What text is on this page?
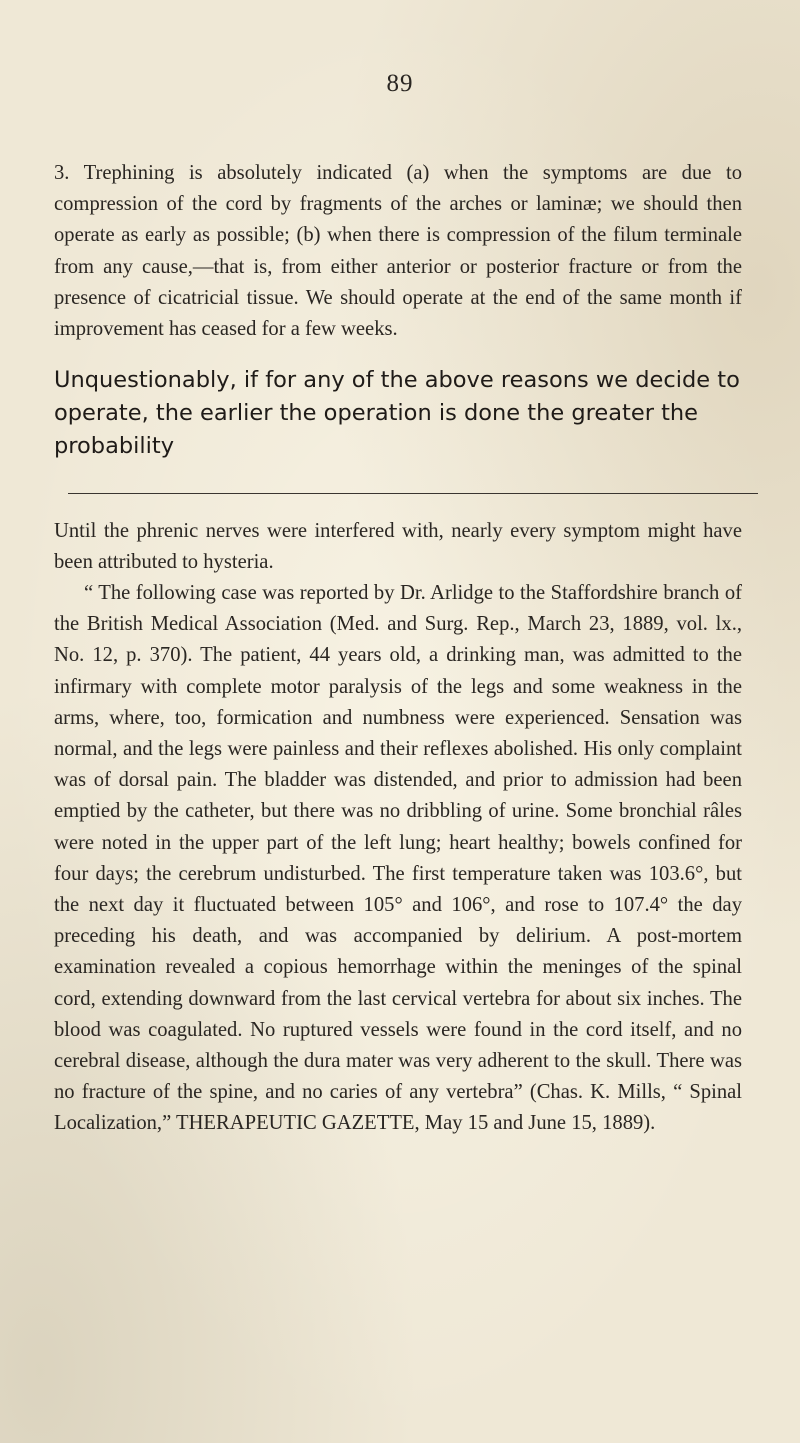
89

3. Trephining is absolutely indicated (a) when the symptoms are due to compression of the cord by fragments of the arches or laminæ; we should then operate as early as possible; (b) when there is compression of the filum terminale from any cause,—that is, from either anterior or posterior fracture or from the presence of cicatricial tissue. We should operate at the end of the same month if improvement has ceased for a few weeks.

Unquestionably, if for any of the above reasons we decide to operate, the earlier the operation is done the greater the probability

Until the phrenic nerves were interfered with, nearly every symptom might have been attributed to hysteria.

“ The following case was reported by Dr. Arlidge to the Staffordshire branch of the British Medical Association (Med. and Surg. Rep., March 23, 1889, vol. lx., No. 12, p. 370). The patient, 44 years old, a drinking man, was admitted to the infirmary with complete motor paralysis of the legs and some weakness in the arms, where, too, formication and numbness were experienced. Sensation was normal, and the legs were painless and their reflexes abolished. His only complaint was of dorsal pain. The bladder was distended, and prior to admission had been emptied by the catheter, but there was no dribbling of urine. Some bronchial râles were noted in the upper part of the left lung; heart healthy; bowels confined for four days; the cerebrum undisturbed. The first temperature taken was 103.6°, but the next day it fluctuated between 105° and 106°, and rose to 107.4° the day preceding his death, and was accompanied by delirium. A post-mortem examination revealed a copious hemorrhage within the meninges of the spinal cord, extending downward from the last cervical vertebra for about six inches. The blood was coagulated. No ruptured vessels were found in the cord itself, and no cerebral disease, although the dura mater was very adherent to the skull. There was no fracture of the spine, and no caries of any vertebra” (Chas. K. Mills, “ Spinal Localization,” THERAPEUTIC GAZETTE, May 15 and June 15, 1889).
